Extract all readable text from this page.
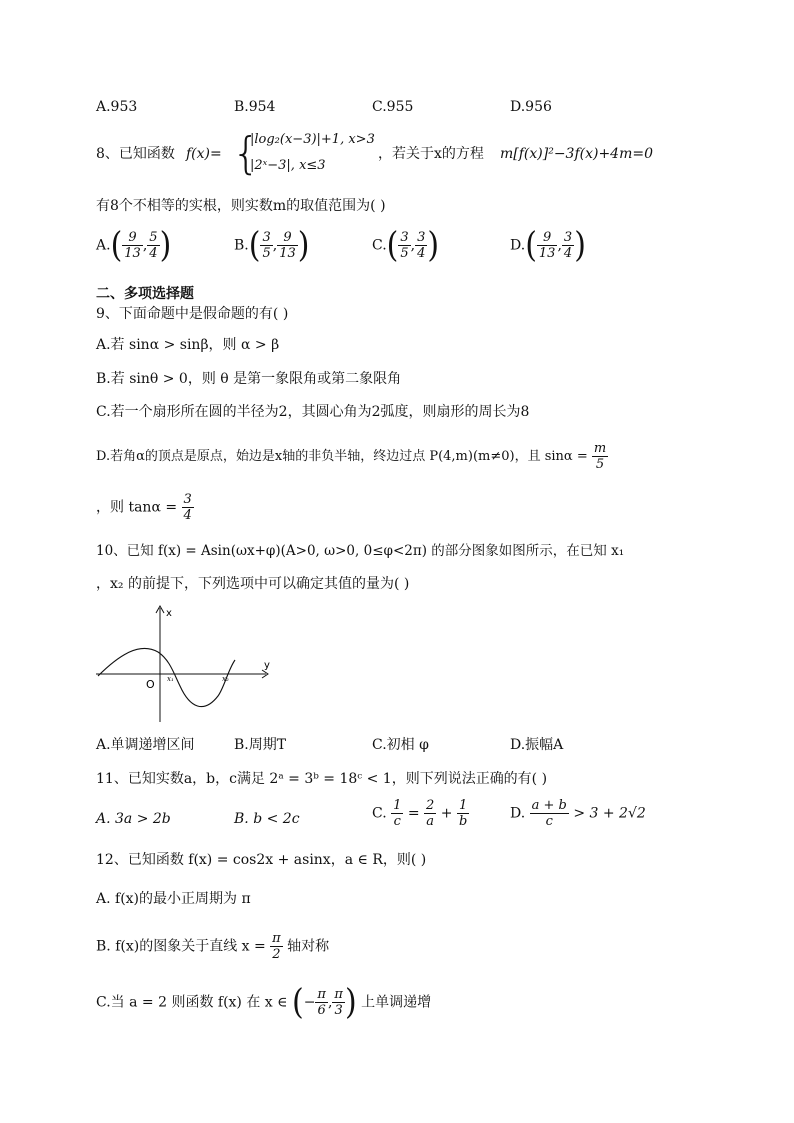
A.953	B.954	C.955	D.956
8、已知函数 f(x)= {
|log₂(x−3)|+1, x>3
|2ˣ−3|, x≤3
，若关于x的方程 m[f(x)]²−3f(x)+4m=0
有8个不相等的实根，则实数m的取值范围为( )
$A.( \frac{9}{13}$ , $\frac{5}{4}$ )	$B.( \frac{3}{5}$ , $\frac{9}{13}$ )	$C.( \frac{3}{5}$ , $\frac{3}{4}$ )	$D.( \frac{9}{13}$ , $\frac{3}{4}$ )
二、多项选择题
9、下面命题中是假命题的有( )
A.若 sinα > sinβ，则 α > β
B.若 sinθ > 0，则 θ 是第一象限角或第二象限角
C.若一个扇形所在圆的半径为2，其圆心角为2弧度，则扇形的周长为8
D.若角α的顶点是原点，始边是x轴的非负半轴，终边过点 P(4,m)(m≠0)，且 $\sin\alpha = \frac{m}{5}$
，则 $\tan\alpha = \frac{3}{4}$
10、已知 f(x) = Asin(ωx+φ)(A>0, ω>0, 0≤φ<2π) 的部分图象如图所示，在已知 x₁
，x₂ 的前提下，下列选项中可以确定其值的量为( )
x
y
O x₁	x₂
A.单调递增区间	B.周期T	C.初相 φ	D.振幅A
11、已知实数a，b，c满足 2ᵃ = 3ᵇ = 18ᶜ < 1，则下列说法正确的有( )
A. 3a > 2b	B. b < 2c	C. $\frac{1}{c} = \frac{2}{a} + \frac{1}{b}$	D. $\frac{a + b}{c} > 3 + 2√2$
12、已知函数 f(x) = cos2x + asinx，a ∈ R，则( )
A. f(x)的最小正周期为 π
B. f(x)的图象关于直线 $x = \frac{\pi}{2}$ 轴对称
C.当 a = 2 则函数 f(x) 在 x ∈ (− $\frac{\pi}{6}$ , $\frac{\pi}{3}$ ) 上单调递增
